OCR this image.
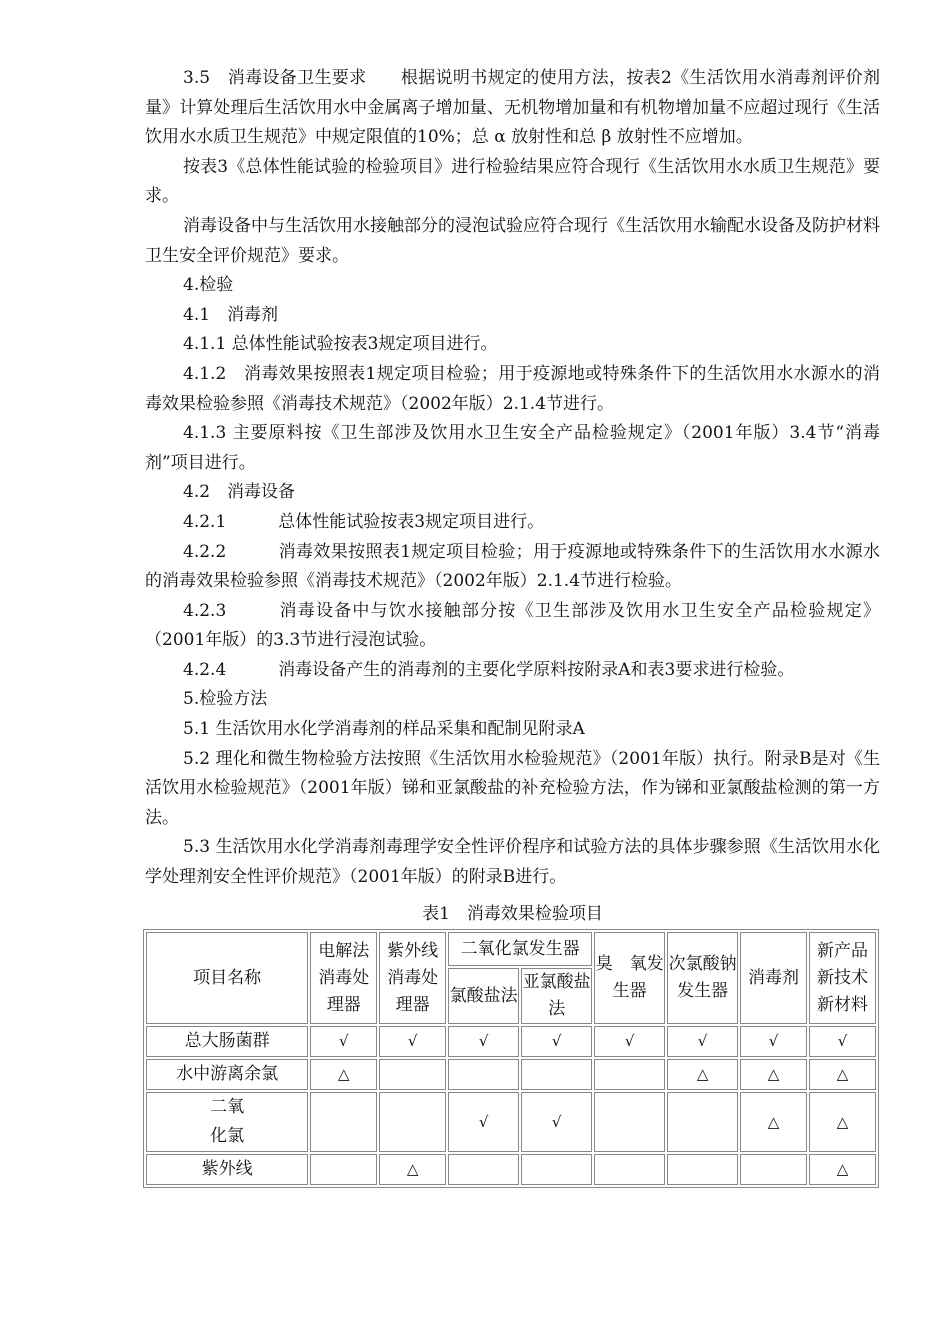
3.5　消毒设备卫生要求 根据说明书规定的使用方法，按表2《生活饮用水消毒剂评价剂量》计算处理后生活饮用水中金属离子增加量、无机物增加量和有机物增加量不应超过现行《生活饮用水水质卫生规范》中规定限值的10%；总 α 放射性和总 β 放射性不应增加。

按表3《总体性能试验的检验项目》进行检验结果应符合现行《生活饮用水水质卫生规范》要求。

消毒设备中与生活饮用水接触部分的浸泡试验应符合现行《生活饮用水输配水设备及防护材料卫生安全评价规范》要求。

4.检验

4.1　消毒剂

4.1.1 总体性能试验按表3规定项目进行。

4.1.2　消毒效果按照表1规定项目检验；用于疫源地或特殊条件下的生活饮用水水源水的消毒效果检验参照《消毒技术规范》（2002年版）2.1.4节进行。

4.1.3 主要原料按《卫生部涉及饮用水卫生安全产品检验规定》（2001年版）3.4节“消毒剂”项目进行。

4.2　消毒设备

4.2.1	总体性能试验按表3规定项目进行。

4.2.2	消毒效果按照表1规定项目检验；用于疫源地或特殊条件下的生活饮用水水源水的消毒效果检验参照《消毒技术规范》（2002年版）2.1.4节进行检验。

4.2.3	消毒设备中与饮水接触部分按《卫生部涉及饮用水卫生安全产品检验规定》（2001年版）的3.3节进行浸泡试验。

4.2.4	消毒设备产生的消毒剂的主要化学原料按附录A和表3要求进行检验。

5.检验方法

5.1 生活饮用水化学消毒剂的样品采集和配制见附录A

5.2 理化和微生物检验方法按照《生活饮用水检验规范》（2001年版）执行。附录B是对《生活饮用水检验规范》（2001年版）锑和亚氯酸盐的补充检验方法，作为锑和亚氯酸盐检测的第一方法。

5.3 生活饮用水化学消毒剂毒理学安全性评价程序和试验方法的具体步骤参照《生活饮用水化学处理剂安全性评价规范》（2001年版）的附录B进行。

表1　消毒效果检验项目
项目名称	电解法消毒处理器	紫外线消毒处理器	二氧化氯发生器		臭　氧发生器	次氯酸钠发生器	消毒剂	新产品新技术新材料
			氯酸盐法	亚氯酸盐法				
总大肠菌群	√	√	√	√	√	√	√	√
水中游离余氯	△					△	△	△

二氧化氯			√	√			△	△
紫外线		△						△
